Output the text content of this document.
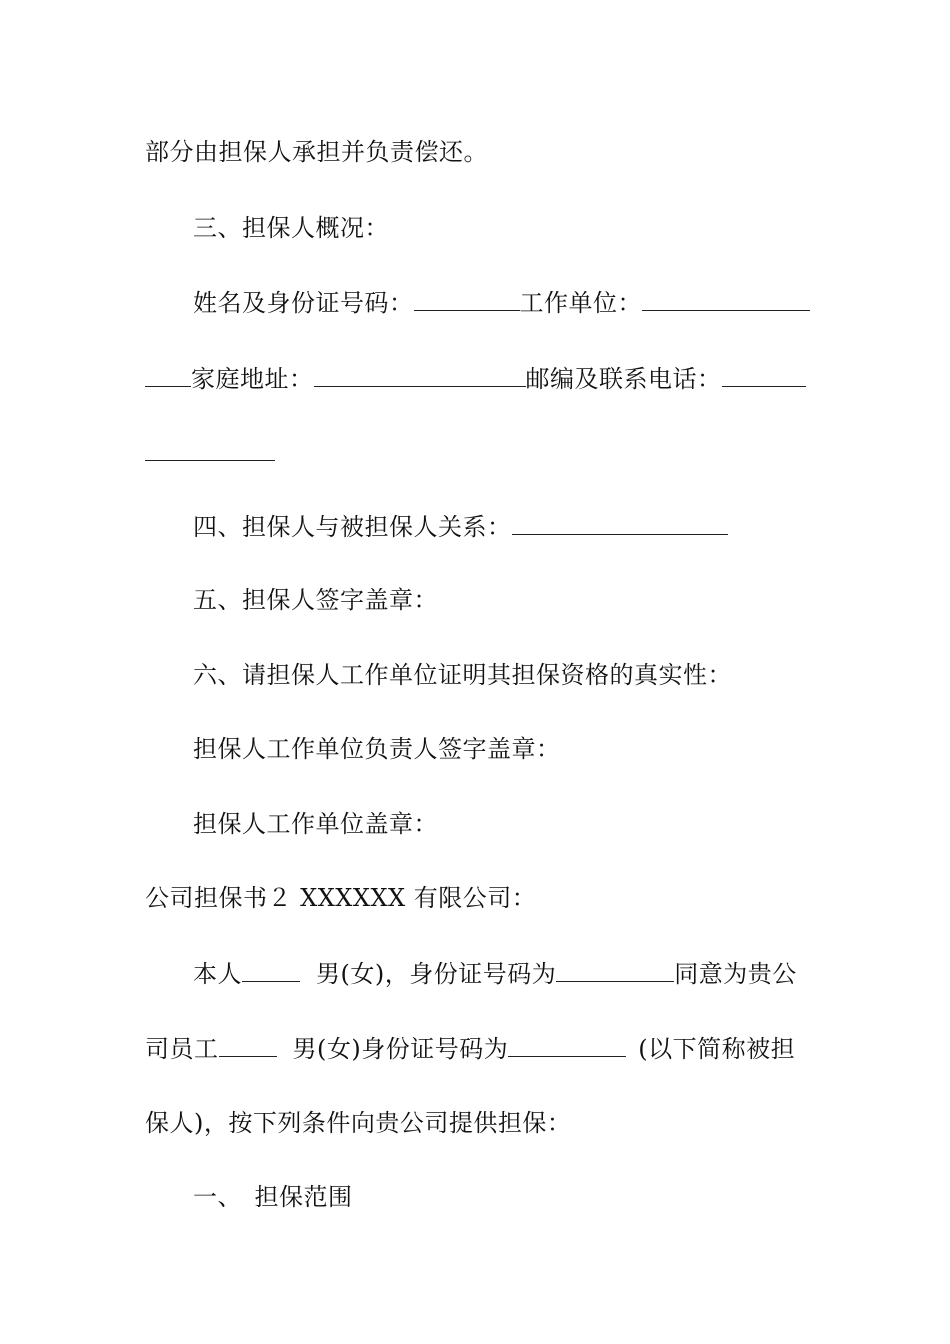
部分由担保人承担并负责偿还。
三、担保人概况：
姓名及身份证号码：	工作单位：
家庭地址：	邮编及联系电话：
四、担保人与被担保人关系：
五、担保人签字盖章：
六、请担保人工作单位证明其担保资格的真实性：
担保人工作单位负责人签字盖章：
担保人工作单位盖章：
公司担保书２ XXXXXX 有限公司：
本人	男(女)，身份证号码为	同意为贵公
司员工	男(女)身份证号码为	(以下简称被担
保人)，按下列条件向贵公司提供担保：
一、　担保范围
